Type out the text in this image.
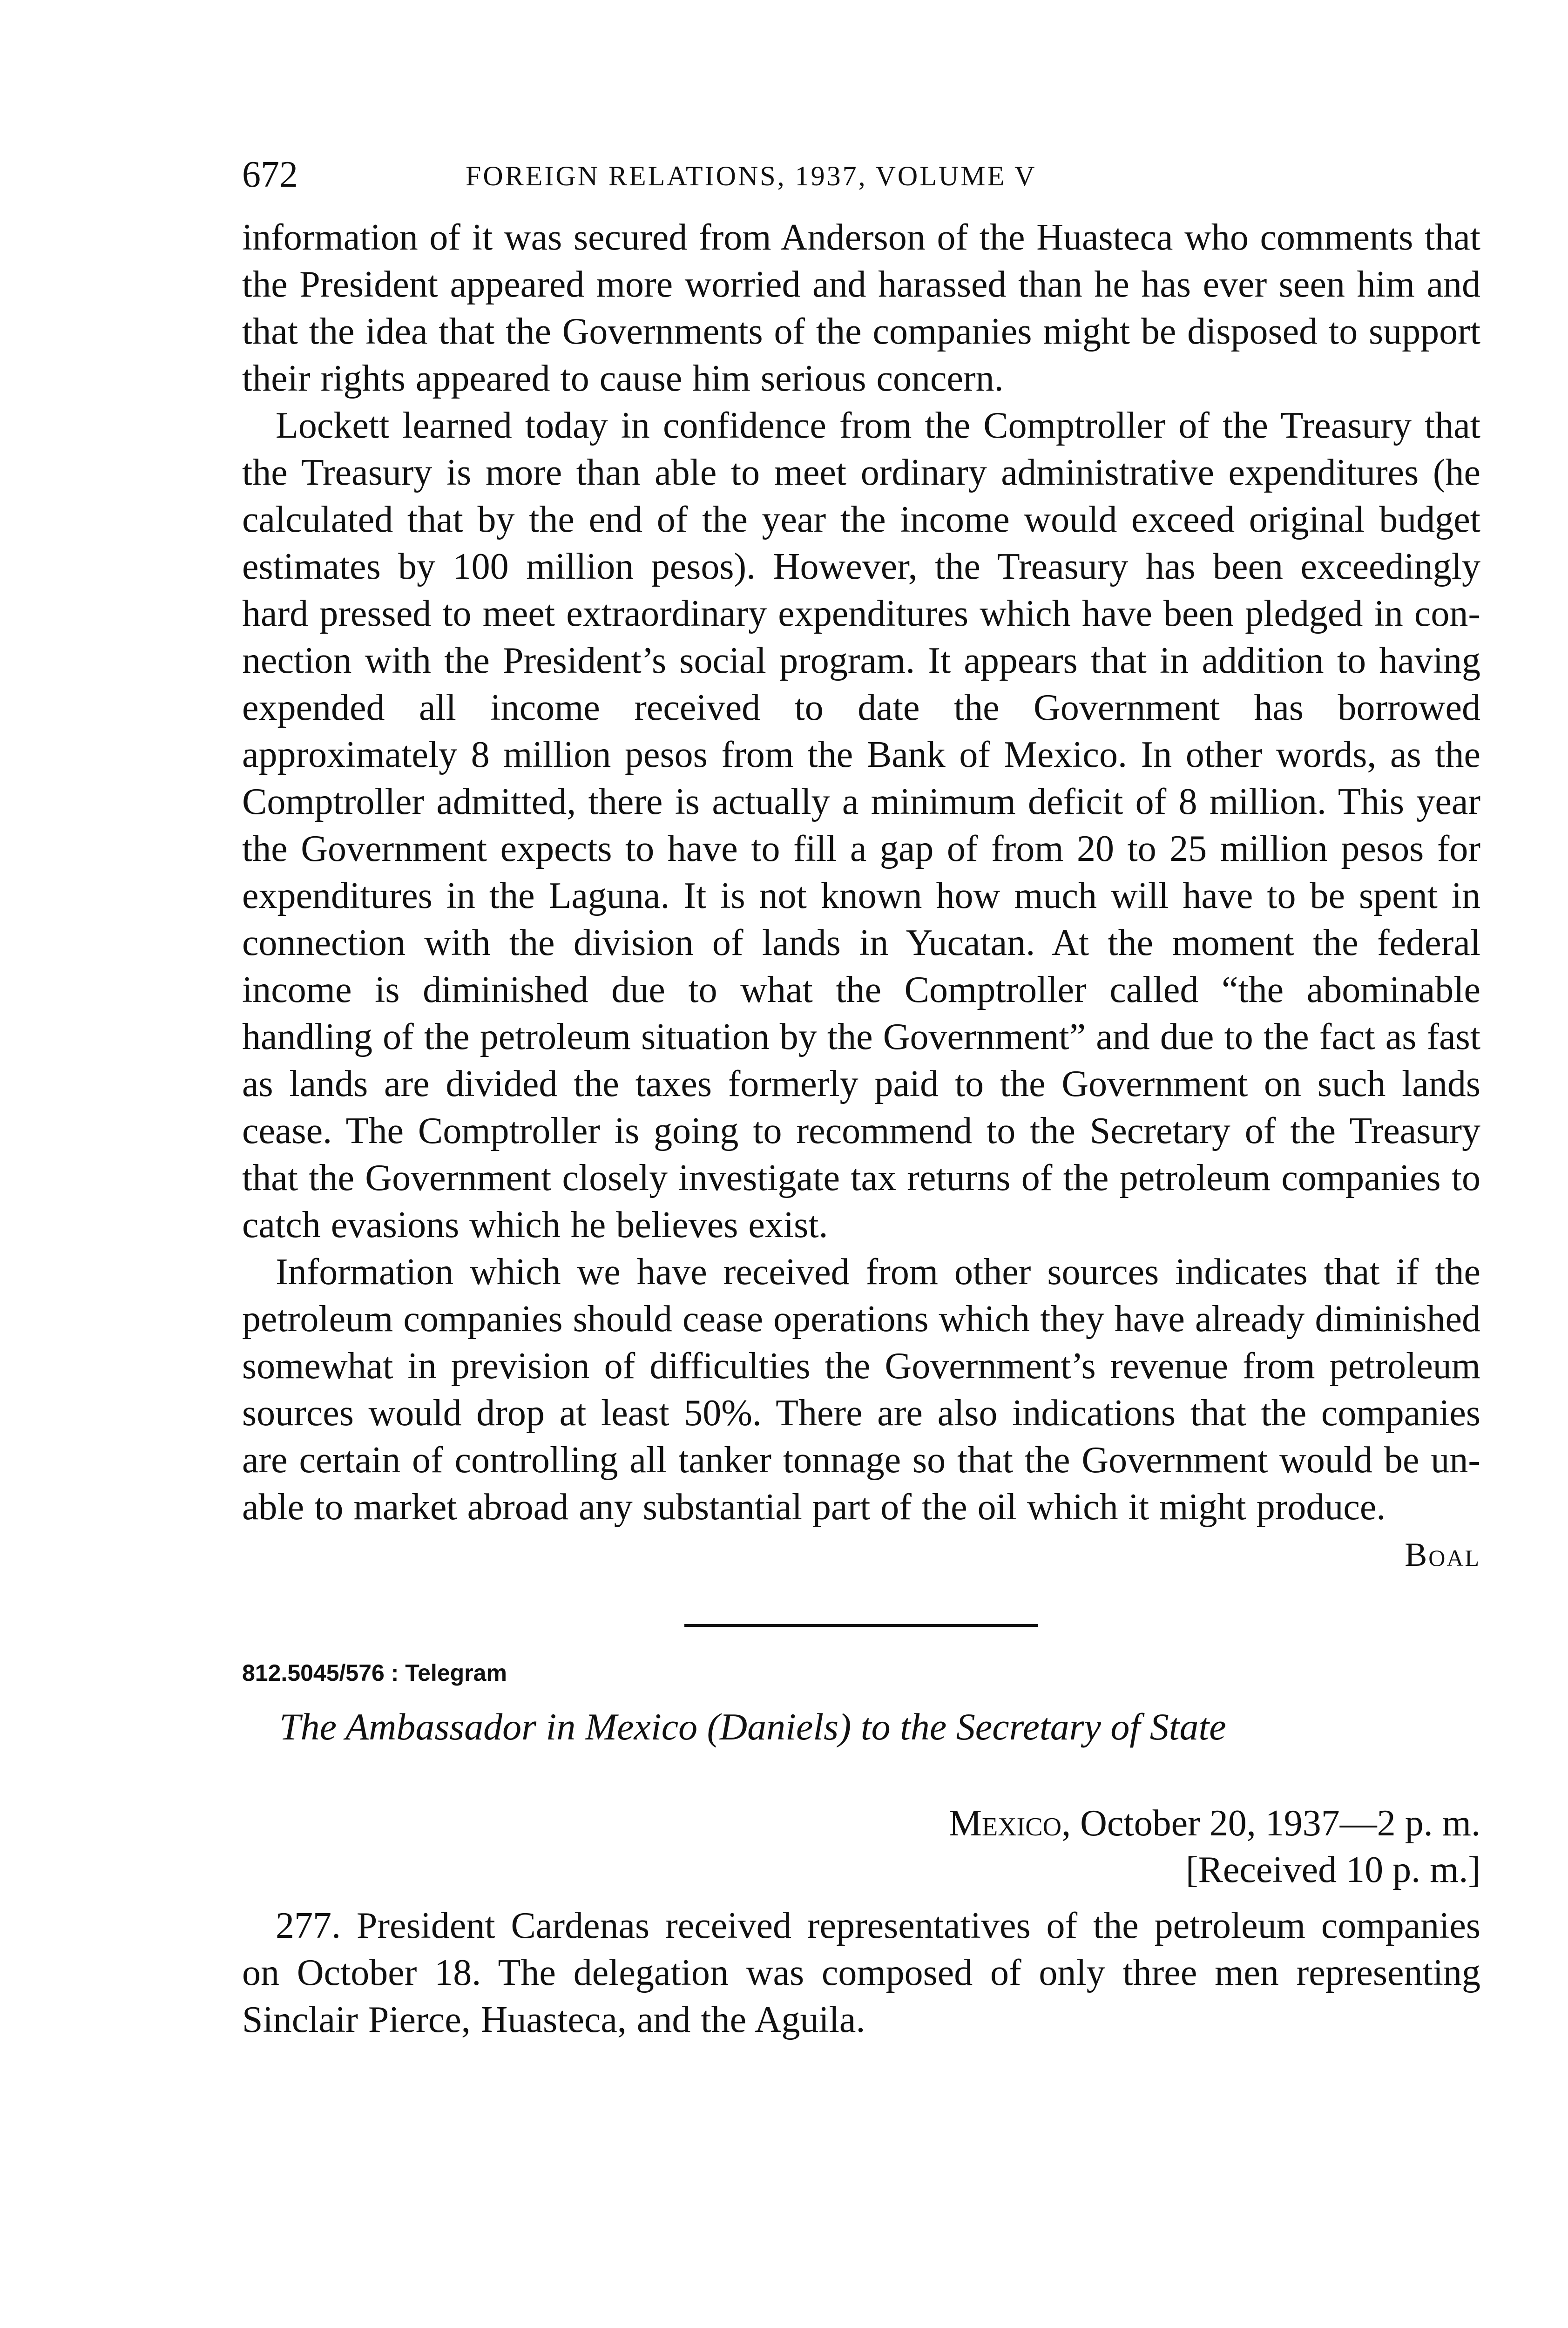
672	FOREIGN RELATIONS, 1937, VOLUME V

information of it was secured from Anderson of the Huasteca who comments that the President appeared more worried and harassed than he has ever seen him and that the idea that the Governments of the companies might be disposed to support their rights appeared to cause him serious concern.

Lockett learned today in confidence from the Comptroller of the Treasury that the Treasury is more than able to meet ordinary administrative expenditures (he calculated that by the end of the year the income would exceed original budget estimates by 100 million pesos). However, the Treasury has been exceedingly hard pressed to meet extraordinary expenditures which have been pledged in connection with the President’s social program. It appears that in addition to having expended all income received to date the Government has borrowed approximately 8 million pesos from the Bank of Mexico. In other words, as the Comptroller admitted, there is actually a minimum deficit of 8 million. This year the Government expects to have to fill a gap of from 20 to 25 million pesos for expenditures in the Laguna. It is not known how much will have to be spent in connection with the division of lands in Yucatan. At the moment the federal income is diminished due to what the Comptroller called “the abominable handling of the petroleum situation by the Government” and due to the fact as fast as lands are divided the taxes formerly paid to the Government on such lands cease. The Comptroller is going to recommend to the Secretary of the Treasury that the Government closely investigate tax returns of the petroleum companies to catch evasions which he believes exist.

Information which we have received from other sources indicates that if the petroleum companies should cease operations which they have already diminished somewhat in prevision of difficulties the Government’s revenue from petroleum sources would drop at least 50%. There are also indications that the companies are certain of controlling all tanker tonnage so that the Government would be unable to market abroad any substantial part of the oil which it might produce.

Boal
812.5045/576 : Telegram
The Ambassador in Mexico (Daniels) to the Secretary of State
Mexico, October 20, 1937—2 p. m.
[Received 10 p. m.]

277. President Cardenas received representatives of the petroleum companies on October 18. The delegation was composed of only three men representing Sinclair Pierce, Huasteca, and the Aguila.
